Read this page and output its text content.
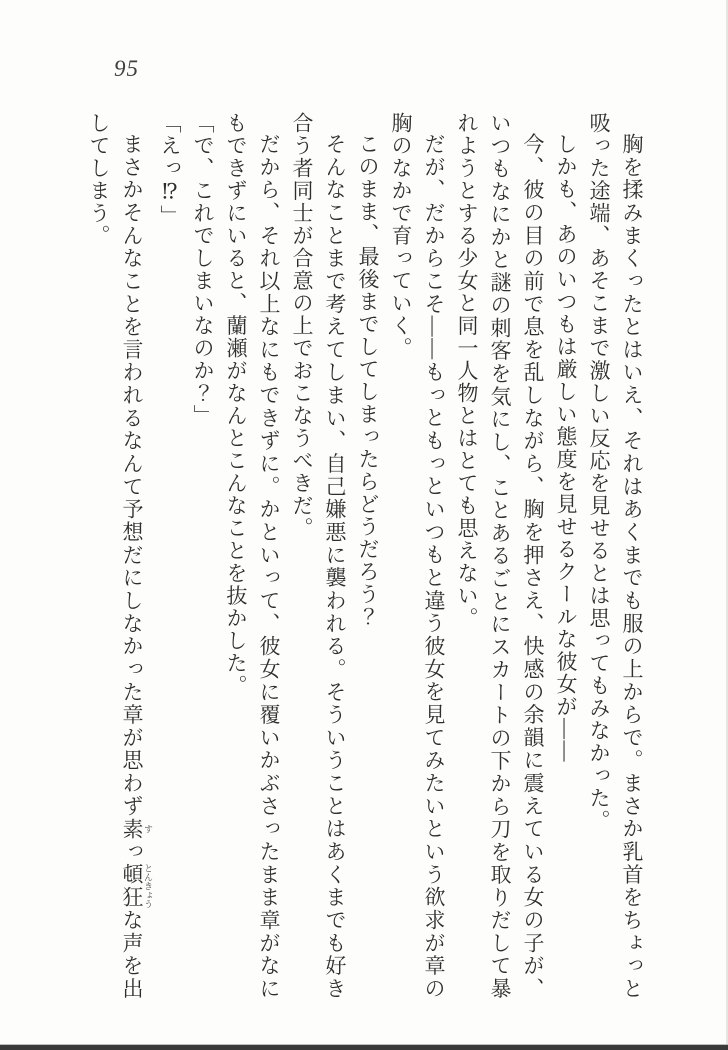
95

胸を揉みまくったとはいえ、それはあくまでも服の上からで。まさか乳首をちょっと吸った途端、あそこまで激しい反応を見せるとは思ってもみなかった。

しかも、あのいつもは厳しい態度を見せるクールな彼女が――

今、彼の目の前で息を乱しながら、胸を押さえ、快感の余韻に震えている女の子が、いつもなにかと謎の刺客を気にし、ことあるごとにスカートの下から刀を取りだして暴れようとする少女と同一人物とはとても思えない。

だが、だからこそ――もっともっといつもと違う彼女を見てみたいという欲求が章の胸のなかで育っていく。

このまま、最後までしてしまったらどうだろう？

そんなことまで考えてしまい、自己嫌悪に襲われる。そういうことはあくまでも好き合う者同士が合意の上でおこなうべきだ。

だから、それ以上なにもできずに。かといって、彼女に覆いかぶさったまま章がなにもできずにいると、蘭瀬がなんとこんなことを抜かした。

「で、これでしまいなのか？」

「えっ⁉」

まさかそんなことを言われるなんて予想だにしなかった章が思わず素 すっ頓狂 とんきょうな声を出してしまう。
